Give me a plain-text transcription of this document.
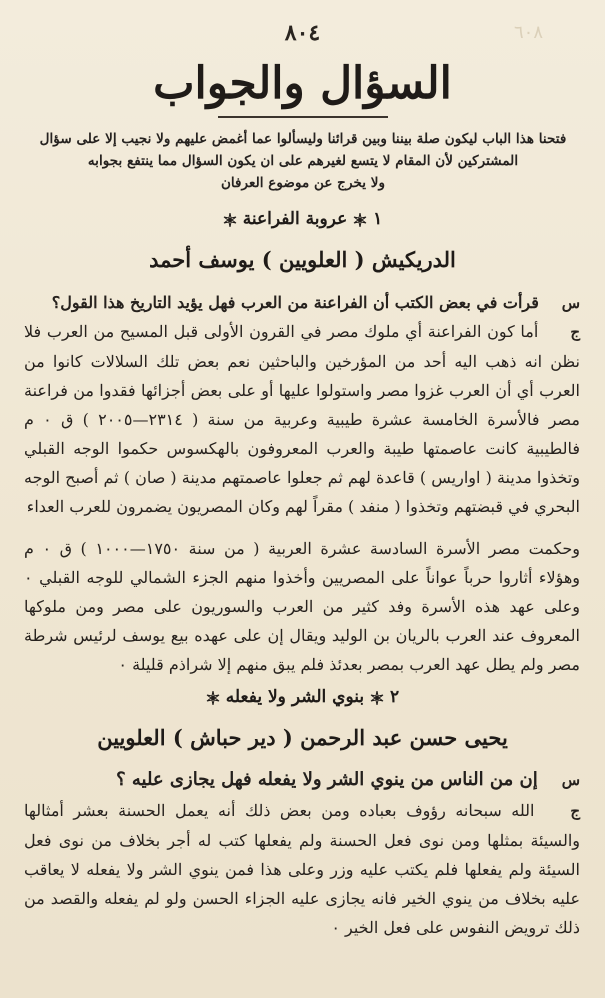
٦٠٨
٨٠٤
السؤال والجواب
فتحنا هذا الباب ليكون صلة بيننا وبين قرائنا وليسألوا عما أغمض عليهم ولا نجيب إلا على سؤال
المشتركين لأن المقام لا يتسع لغيرهم على ان يكون السؤال مما ينتفع بجوابه
ولا يخرج عن موضوع العرفان
١  عروبة الفراعنة
الدريكيش ( العلويين ) يوسف أحمد
س قرأت في بعض الكتب أن الفراعنة من العرب فهل يؤيد التاريخ هذا القول؟
ج أما كون الفراعنة أي ملوك مصر في القرون الأولى قبل المسيح من العرب فلا نظن انه ذهب اليه أحد من المؤرخين والباحثين نعم بعض تلك السلالات كانوا من العرب أي أن العرب غزوا مصر واستولوا عليها أو على بعض أجزائها فقدوا من فراعنة مصر فالأسرة الخامسة عشرة طيبية وعربية من سنة ( ٢٣١٤—٢٠٠٥ ) ق ٠ م فالطيبية كانت عاصمتها طيبة والعرب المعروفون بالهكسوس حكموا الوجه القبلي وتخذوا مدينة ( اواريس ) قاعدة لهم ثم جعلوا عاصمتهم مدينة ( صان ) ثم أصبح الوجه البحري في قبضتهم وتخذوا ( منفد ) مقراً لهم وكان المصريون يضمرون للعرب العداء
وحكمت مصر الأسرة السادسة عشرة العربية ( من سنة ١٧٥٠—١٠٠٠ ) ق ٠ م وهؤلاء أثاروا حرباً عواناً على المصريين وأخذوا منهم الجزء الشمالي للوجه القبلي ٠ وعلى عهد هذه الأسرة وفد كثير من العرب والسوريون على مصر ومن ملوكها المعروف عند العرب بالريان بن الوليد ويقال إن على عهده بيع يوسف لرئيس شرطة مصر ولم يطل عهد العرب بمصر بعدئذ فلم يبق منهم إلا شراذم قليلة ٠
٢  بنوي الشر ولا يفعله
يحيى حسن عبد الرحمن ( دير حباش ) العلويين
س إن من الناس من ينوي الشر ولا يفعله فهل يجازى عليه ؟
ج الله سبحانه رؤوف بعباده ومن بعض ذلك أنه يعمل الحسنة بعشر أمثالها والسيئة بمثلها ومن نوى فعل الحسنة ولم يفعلها كتب له أجر بخلاف من نوى فعل السيئة ولم يفعلها فلم يكتب عليه وزر وعلى هذا فمن ينوي الشر ولا يفعله لا يعاقب عليه بخلاف من ينوي الخير فانه يجازى عليه الجزاء الحسن ولو لم يفعله والقصد من ذلك ترويض النفوس على فعل الخير ٠
